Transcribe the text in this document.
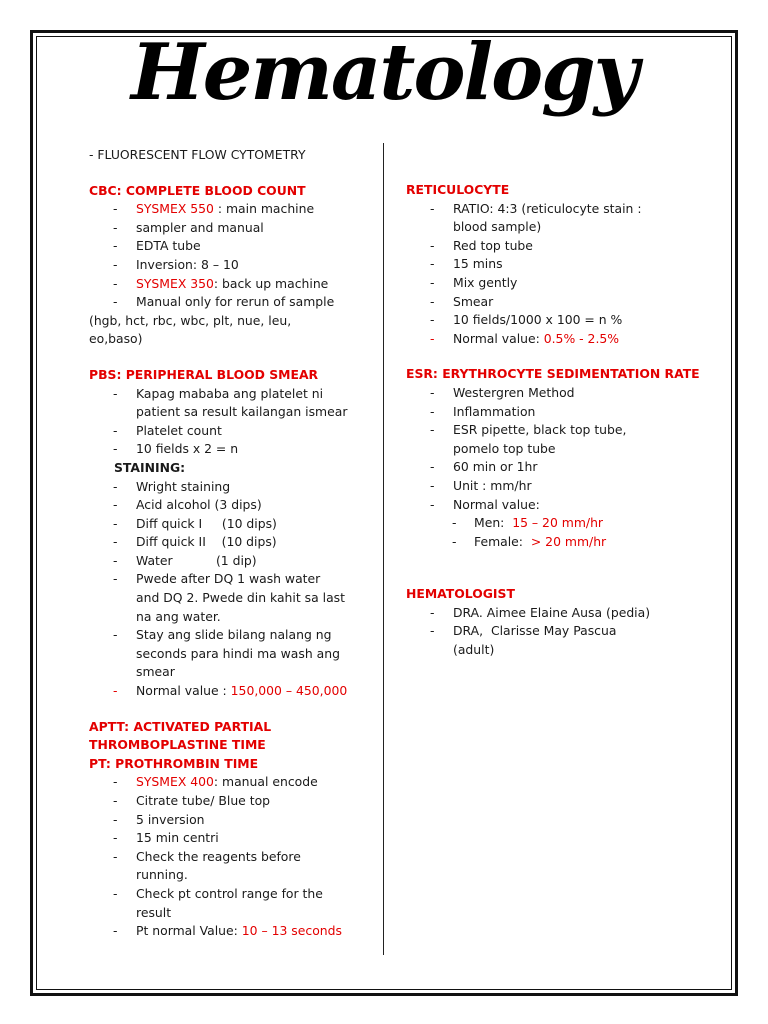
Hematology
- FLUORESCENT FLOW CYTOMETRY
CBC: COMPLETE BLOOD COUNT
- SYSMEX 550 : main machine
- sampler and manual
- EDTA tube
- Inversion: 8 – 10
- SYSMEX 350: back up machine
- Manual only for rerun of sample
(hgb, hct, rbc, wbc, plt, nue, leu,
eo,baso)
PBS: PERIPHERAL BLOOD SMEAR
- Kapag mababa ang platelet ni
patient sa result kailangan ismear
- Platelet count
- 10 fields x 2 = n
STAINING:
- Wright staining
- Acid alcohol (3 dips)
- Diff quick I     (10 dips)
- Diff quick II    (10 dips)
- Water           (1 dip)
- Pwede after DQ 1 wash water
and DQ 2. Pwede din kahit sa last
na ang water.
- Stay ang slide bilang nalang ng
seconds para hindi ma wash ang
smear
- Normal value : 150,000 – 450,000
APTT: ACTIVATED PARTIAL
THROMBOPLASTINE TIME
PT: PROTHROMBIN TIME
- SYSMEX 400: manual encode
- Citrate tube/ Blue top
- 5 inversion
- 15 min centri
- Check the reagents before
running.
- Check pt control range for the
result
- Pt normal Value: 10 – 13 seconds
RETICULOCYTE
- RATIO: 4:3 (reticulocyte stain :
blood sample)
- Red top tube
- 15 mins
- Mix gently
- Smear
- 10 fields/1000 x 100 = n %
- Normal value: 0.5% - 2.5%
ESR: ERYTHROCYTE SEDIMENTATION RATE
- Westergren Method
- Inflammation
- ESR pipette, black top tube,
pomelo top tube
- 60 min or 1hr
- Unit : mm/hr
- Normal value:
- Men:  15 – 20 mm/hr
- Female:  > 20 mm/hr
HEMATOLOGIST
- DRA. Aimee Elaine Ausa (pedia)
- DRA,  Clarisse May Pascua
(adult)
